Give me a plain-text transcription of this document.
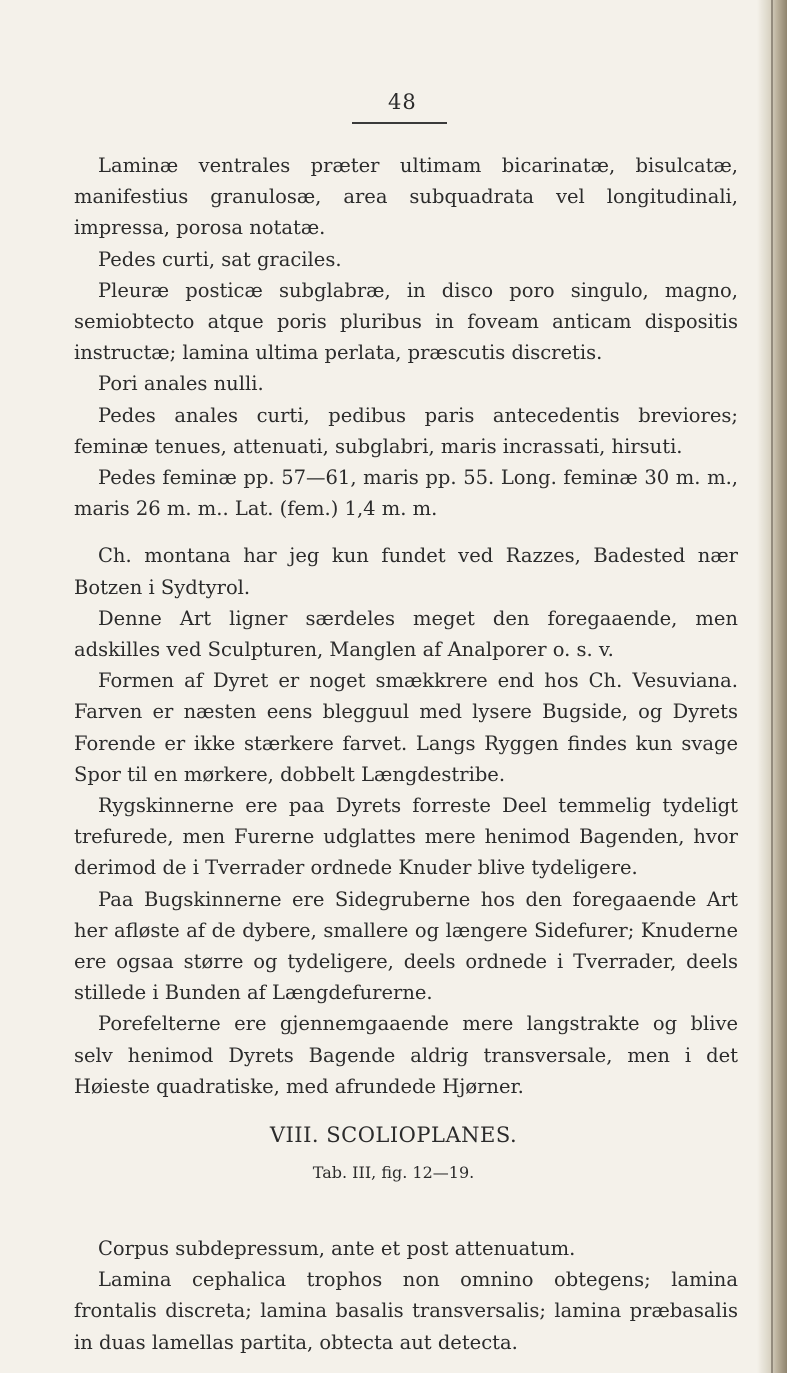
48

Laminæ ventrales præter ultimam bicarinatæ, bisulcatæ, manifestius granulosæ, area subquadrata vel longitudinali, impressa, porosa notatæ.

Pedes curti, sat graciles.

Pleuræ posticæ subglabræ, in disco poro singulo, magno, semiobtecto atque poris pluribus in foveam anticam dispositis instructæ; lamina ultima perlata, præscutis discretis.

Pori anales nulli.

Pedes anales curti, pedibus paris antecedentis breviores; feminæ tenues, attenuati, subglabri, maris incrassati, hirsuti.

Pedes feminæ pp. 57—61, maris pp. 55. Long. feminæ 30 m. m., maris 26 m. m.. Lat. (fem.) 1,4 m. m.

Ch. montana har jeg kun fundet ved Razzes, Badested nær Botzen i Sydtyrol.

Denne Art ligner særdeles meget den foregaaende, men adskilles ved Sculpturen, Manglen af Analporer o. s. v.

Formen af Dyret er noget smækkrere end hos Ch. Vesuviana. Farven er næsten eens blegguul med lysere Bugside, og Dyrets Forende er ikke stærkere farvet. Langs Ryggen findes kun svage Spor til en mørkere, dobbelt Længdestribe.

Rygskinnerne ere paa Dyrets forreste Deel temmelig tydeligt trefurede, men Furerne udglattes mere henimod Bagenden, hvor derimod de i Tverrader ordnede Knuder blive tydeligere.

Paa Bugskinnerne ere Sidegruberne hos den foregaaende Art her afløste af de dybere, smallere og længere Sidefurer; Knuderne ere ogsaa større og tydeligere, deels ordnede i Tverrader, deels stillede i Bunden af Længdefurerne.

Porefelterne ere gjennemgaaende mere langstrakte og blive selv henimod Dyrets Bagende aldrig transversale, men i det Høieste quadratiske, med afrundede Hjørner.

VIII. SCOLIOPLANES.
Tab. III, fig. 12—19.

Corpus subdepressum, ante et post attenuatum.

Lamina cephalica trophos non omnino obtegens; lamina frontalis discreta; lamina basalis transversalis; lamina præbasalis in duas lamellas partita, obtecta aut detecta.
